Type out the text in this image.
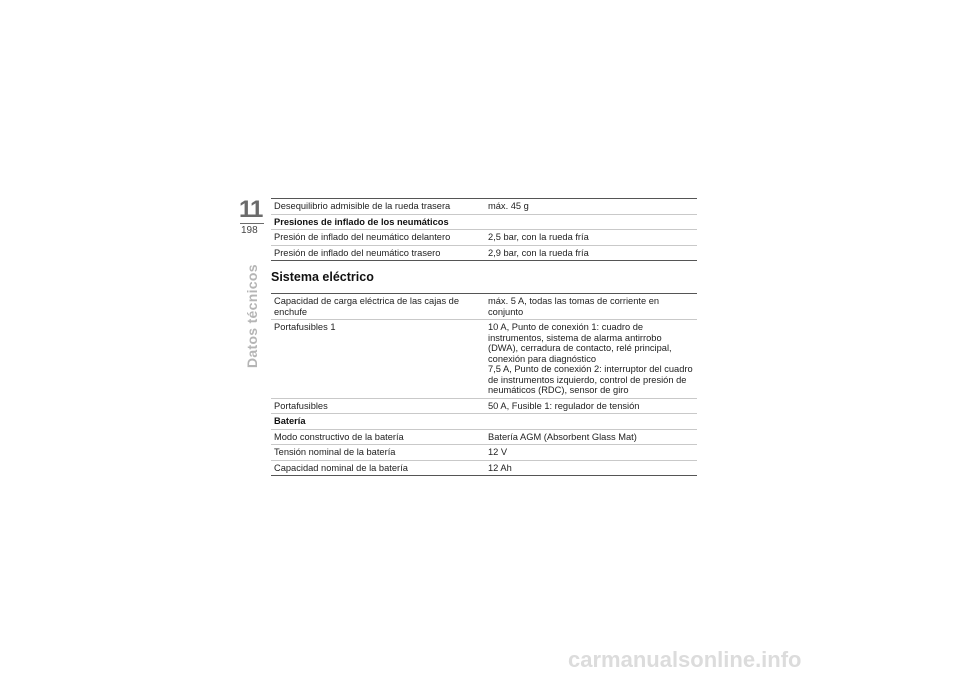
11
198
Datos técnicos
Desequilibrio admisible de la rueda trasera	máx. 45 g
Presiones de inflado de los neumáticos	
Presión de inflado del neumático delantero	2,5 bar, con la rueda fría
Presión de inflado del neumático trasero	2,9 bar, con la rueda fría
Sistema eléctrico
Capacidad de carga eléctrica de las cajas de enchufe	máx. 5 A, todas las tomas de corriente en conjunto
Portafusibles 1	10 A, Punto de conexión 1: cuadro de instrumentos, sistema de alarma antirrobo (DWA), cerradura de contacto, relé principal, conexión para diagnóstico
7,5 A, Punto de conexión 2: interruptor del cuadro de instrumentos izquierdo, control de presión de neumáticos (RDC), sensor de giro

Portafusibles	50 A, Fusible 1: regulador de tensión
Batería	
Modo constructivo de la batería	Batería AGM (Absorbent Glass Mat)
Tensión nominal de la batería	12 V
Capacidad nominal de la batería	12 Ah
carmanualsonline.info
